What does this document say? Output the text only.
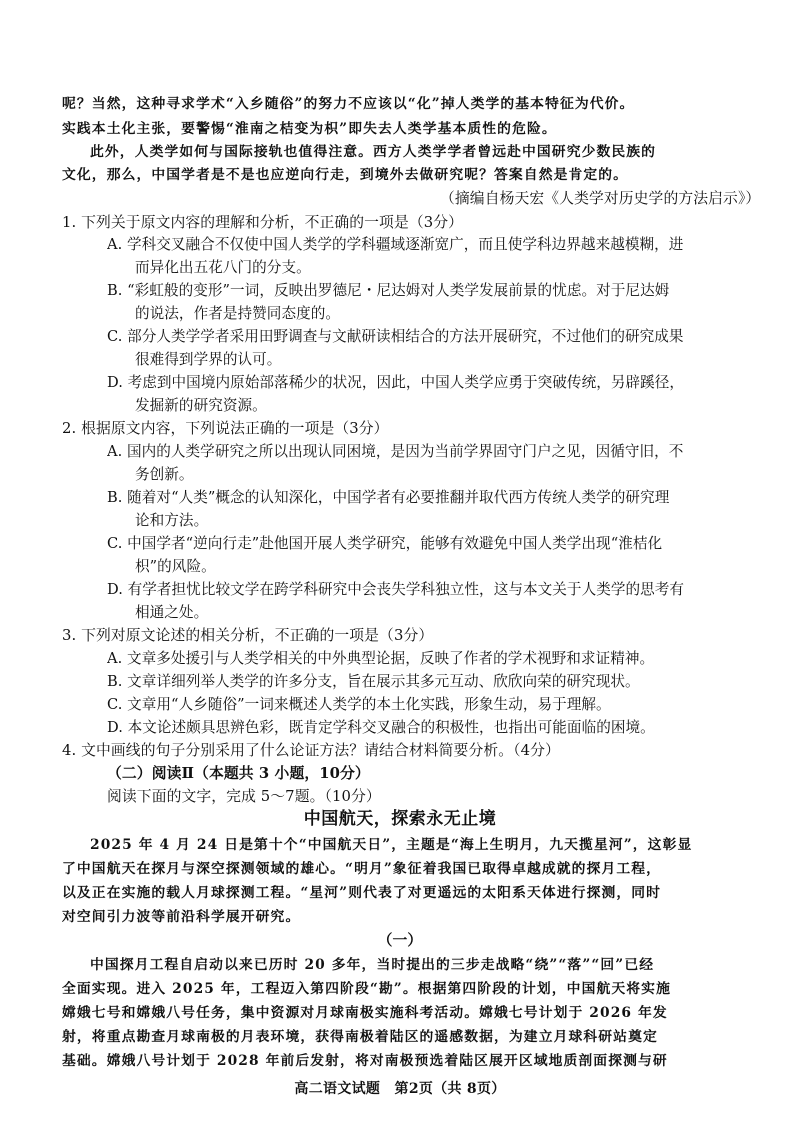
呢？当然，这种寻求学术“入乡随俗”的努力不应该以“化”掉人类学的基本特征为代价。
实践本土化主张，要警惕“淮南之桔变为枳”即失去人类学基本质性的危险。
此外，人类学如何与国际接轨也值得注意。西方人类学学者曾远赴中国研究少数民族的
文化，那么，中国学者是不是也应逆向行走，到境外去做研究呢？答案自然是肯定的。
（摘编自杨天宏《人类学对历史学的方法启示》）
1. 下列关于原文内容的理解和分析，不正确的一项是（3分）
A. 学科交叉融合不仅使中国人类学的学科疆域逐渐宽广，而且使学科边界越来越模糊，进
而异化出五花八门的分支。
B. “彩虹般的变形”一词，反映出罗德尼・尼达姆对人类学发展前景的忧虑。对于尼达姆
的说法，作者是持赞同态度的。
C. 部分人类学学者采用田野调查与文献研读相结合的方法开展研究，不过他们的研究成果
很难得到学界的认可。
D. 考虑到中国境内原始部落稀少的状况，因此，中国人类学应勇于突破传统，另辟蹊径，
发掘新的研究资源。
2. 根据原文内容，下列说法正确的一项是（3分）
A. 国内的人类学研究之所以出现认同困境，是因为当前学界固守门户之见，因循守旧，不
务创新。
B. 随着对“人类”概念的认知深化，中国学者有必要推翻并取代西方传统人类学的研究理
论和方法。
C. 中国学者“逆向行走”赴他国开展人类学研究，能够有效避免中国人类学出现“淮桔化
枳”的风险。
D. 有学者担忧比较文学在跨学科研究中会丧失学科独立性，这与本文关于人类学的思考有
相通之处。
3. 下列对原文论述的相关分析，不正确的一项是（3分）
A. 文章多处援引与人类学相关的中外典型论据，反映了作者的学术视野和求证精神。
B. 文章详细列举人类学的许多分支，旨在展示其多元互动、欣欣向荣的研究现状。
C. 文章用“人乡随俗”一词来概述人类学的本土化实践，形象生动，易于理解。
D. 本文论述颇具思辨色彩，既肯定学科交叉融合的积极性，也指出可能面临的困境。
4. 文中画线的句子分别采用了什么论证方法？请结合材料简要分析。（4分）
（二）阅读Ⅱ（本题共 3 小题，10分）
阅读下面的文字，完成 5～7题。（10分）
中国航天，探索永无止境
2025 年 4 月 24 日是第十个“中国航天日”，主题是“海上生明月，九天揽星河”，这彰显
了中国航天在探月与深空探测领域的雄心。“明月”象征着我国已取得卓越成就的探月工程，
以及正在实施的载人月球探测工程。“星河”则代表了对更遥远的太阳系天体进行探测，同时
对空间引力波等前沿科学展开研究。
（一）
中国探月工程自启动以来已历时 20 多年，当时提出的三步走战略“绕”“落”“回”已经
全面实现。进入 2025 年，工程迈入第四阶段“勘”。根据第四阶段的计划，中国航天将实施
嫦娥七号和嫦娥八号任务，集中资源对月球南极实施科考活动。嫦娥七号计划于 2026 年发
射，将重点勘查月球南极的月表环境，获得南极着陆区的遥感数据，为建立月球科研站奠定
基础。嫦娥八号计划于 2028 年前后发射，将对南极预选着陆区展开区域地质剖面探测与研
高二语文试题　第2页（共 8页）
